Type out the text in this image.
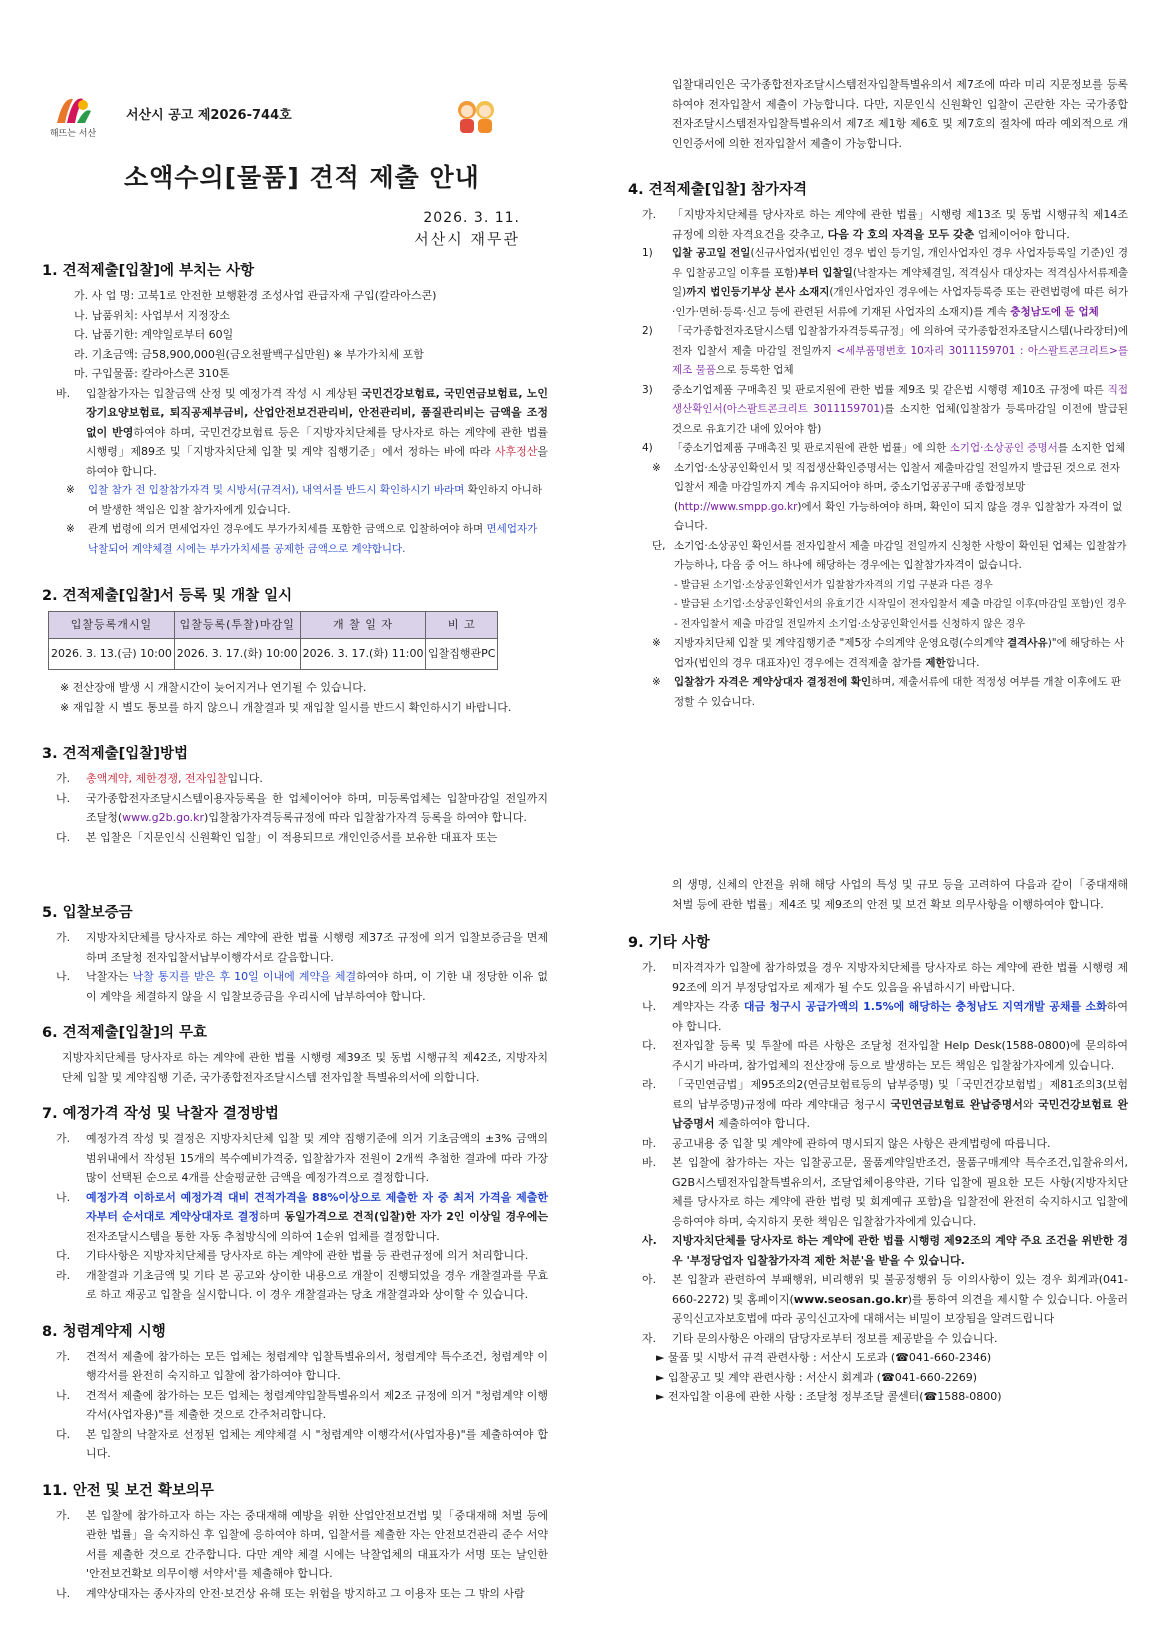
해뜨는 서산
서산시 공고 제2026-744호
소액수의[물품] 견적 제출 안내
2026. 3. 11.
서산시 재무관
1. 견적제출[입찰]에 부치는 사항
가. 사 업 명: 고북1로 안전한 보행환경 조성사업 관급자재 구입(칼라아스콘)
나. 납품위치: 사업부서 지정장소
다. 납품기한: 계약일로부터 60일
라. 기초금액: 금58,900,000원(금오천팔백구십만원) ※ 부가가치세 포함
마. 구입물품: 칼라아스콘 310톤
바. 입찰참가자는 입찰금액 산정 및 예정가격 작성 시 계상된 국민건강보험료, 국민연금보험료, 노인장기요양보험료, 퇴직공제부금비, 산업안전보건관리비, 안전관리비, 품질관리비는 금액을 조정 없이 반영하여야 하며, 국민건강보험료 등은「지방자치단체를 당사자로 하는 계약에 관한 법률 시행령」제89조 및「지방자치단체 입찰 및 계약 집행기준」에서 정하는 바에 따라 사후정산을 하여야 합니다.
※ 입찰 참가 전 입찰참가자격 및 시방서(규격서), 내역서를 반드시 확인하시기 바라며 확인하지 아니하여 발생한 책임은 입찰 참가자에게 있습니다.
※ 관계 법령에 의거 면세업자인 경우에도 부가가치세를 포함한 금액으로 입찰하여야 하며 면세업자가 낙찰되어 계약체결 시에는 부가가치세를 공제한 금액으로 계약합니다.
2. 견적제출[입찰]서 등록 및 개찰 일시
입찰등록개시일	입찰등록(투찰)마감일	개 찰 일 자	비 고
2026. 3. 13.(금) 10:00	2026. 3. 17.(화) 10:00	2026. 3. 17.(화) 11:00	입찰집행관PC
※ 전산장애 발생 시 개찰시간이 늦어지거나 연기될 수 있습니다.
※ 재입찰 시 별도 통보를 하지 않으니 개찰결과 및 재입찰 일시를 반드시 확인하시기 바랍니다.
3. 견적제출[입찰]방법
가. 총액계약, 제한경쟁, 전자입찰입니다.
나. 국가종합전자조달시스템이용자등록을 한 업체이어야 하며, 미등록업체는 입찰마감일 전일까지 조달청(www.g2b.go.kr)입찰참가자격등록규정에 따라 입찰참가자격 등록을 하여야 합니다.
다. 본 입찰은「지문인식 신원확인 입찰」이 적용되므로 개인인증서를 보유한 대표자 또는
입찰대리인은 국가종합전자조달시스템전자입찰특별유의서 제7조에 따라 미리 지문정보를 등록하여야 전자입찰서 제출이 가능합니다. 다만, 지문인식 신원확인 입찰이 곤란한 자는 국가종합전자조달시스템전자입찰특별유의서 제7조 제1항 제6호 및 제7호의 절차에 따라 예외적으로 개인인증서에 의한 전자입찰서 제출이 가능합니다.
4. 견적제출[입찰] 참가자격
가. 「지방자치단체를 당사자로 하는 계약에 관한 법률」시행령 제13조 및 동법 시행규칙 제14조 규정에 의한 자격요건을 갖추고, 다음 각 호의 자격을 모두 갖춘 업체이어야 합니다.
1) 입찰 공고일 전일(신규사업자(법인인 경우 법인 등기일, 개인사업자인 경우 사업자등록일 기준)인 경우 입찰공고일 이후를 포함)부터 입찰일(낙찰자는 계약체결일, 적격심사 대상자는 적격심사서류제출일)까지 법인등기부상 본사 소재지(개인사업자인 경우에는 사업자등록증 또는 관련법령에 따른 허가·인가·면허·등록·신고 등에 관련된 서류에 기재된 사업자의 소재지)를 계속 충청남도에 둔 업체
2) 「국가종합전자조달시스템 입찰참가자격등록규정」에 의하여 국가종합전자조달시스템(나라장터)에 전자 입찰서 제출 마감일 전일까지 <세부품명번호 10자리 3011159701 : 아스팔트콘크리트>를 제조 물품으로 등록한 업체
3) 중소기업제품 구매촉진 및 판로지원에 관한 법률 제9조 및 같은법 시행령 제10조 규정에 따른 직접생산확인서(아스팔트콘크리트 3011159701)를 소지한 업체(입찰참가 등록마감일 이전에 발급된 것으로 유효기간 내에 있어야 함)
4) 「중소기업제품 구매촉진 및 판로지원에 관한 법률」에 의한 소기업·소상공인 증명서를 소지한 업체
※ 소기업·소상공인확인서 및 직접생산확인증명서는 입찰서 제출마감일 전일까지 발급된 것으로 전자입찰서 제출 마감일까지 계속 유지되어야 하며, 중소기업공공구매 종합정보망(http://www.smpp.go.kr)에서 확인 가능하여야 하며, 확인이 되지 않을 경우 입찰참가 자격이 없습니다.
단, 소기업·소상공인 확인서를 전자입찰서 제출 마감일 전일까지 신청한 사항이 확인된 업체는 입찰참가 가능하나, 다음 중 어느 하나에 해당하는 경우에는 입찰참가자격이 없습니다.
- 발급된 소기업·소상공인확인서가 입찰참가자격의 기업 구분과 다른 경우
- 발급된 소기업·소상공인확인서의 유효기간 시작일이 전자입찰서 제출 마감일 이후(마감일 포함)인 경우
- 전자입찰서 제출 마감일 전일까지 소기업·소상공인확인서를 신청하지 않은 경우
※ 지방자치단체 입찰 및 계약집행기준 "제5장 수의계약 운영요령(수의계약 결격사유)"에 해당하는 사업자(법인의 경우 대표자)인 경우에는 견적제출 참가를 제한합니다.
※ 입찰참가 자격은 계약상대자 결정전에 확인하며, 제출서류에 대한 적정성 여부를 개찰 이후에도 판정할 수 있습니다.
5. 입찰보증금
가. 지방자치단체를 당사자로 하는 계약에 관한 법률 시행령 제37조 규정에 의거 입찰보증금을 면제하며 조달청 전자입찰서납부이행각서로 갈음합니다.
나. 낙찰자는 낙찰 통지를 받은 후 10일 이내에 계약을 체결하여야 하며, 이 기한 내 정당한 이유 없이 계약을 체결하지 않을 시 입찰보증금을 우리시에 납부하여야 합니다.
6. 견적제출[입찰]의 무효
지방자치단체를 당사자로 하는 계약에 관한 법률 시행령 제39조 및 동법 시행규칙 제42조, 지방자치단체 입찰 및 계약집행 기준, 국가종합전자조달시스템 전자입찰 특별유의서에 의합니다.
7. 예정가격 작성 및 낙찰자 결정방법
가. 예정가격 작성 및 결정은 지방자치단체 입찰 및 계약 집행기준에 의거 기초금액의 ±3% 금액의 범위내에서 작성된 15개의 복수예비가격중, 입찰참가자 전원이 2개씩 추첨한 결과에 따라 가장 많이 선택된 순으로 4개를 산술평균한 금액을 예정가격으로 결정합니다.
나. 예정가격 이하로서 예정가격 대비 견적가격을 88%이상으로 제출한 자 중 최저 가격을 제출한 자부터 순서대로 계약상대자로 결정하며 동일가격으로 견적(입찰)한 자가 2인 이상일 경우에는 전자조달시스템을 통한 자동 추첨방식에 의하여 1순위 업체를 결정합니다.
다. 기타사항은 지방자치단체를 당사자로 하는 계약에 관한 법률 등 관련규정에 의거 처리합니다.
라. 개찰결과 기초금액 및 기타 본 공고와 상이한 내용으로 개찰이 진행되었을 경우 개찰결과를 무효로 하고 재공고 입찰을 실시합니다. 이 경우 개찰결과는 당초 개찰결과와 상이할 수 있습니다.
8. 청렴계약제 시행
가. 견적서 제출에 참가하는 모든 업체는 청렴계약 입찰특별유의서, 청렴계약 특수조건, 청렴계약 이행각서를 완전히 숙지하고 입찰에 참가하여야 합니다.
나. 견적서 제출에 참가하는 모든 업체는 청렴계약입찰특별유의서 제2조 규정에 의거 "청렴계약 이행각서(사업자용)"를 제출한 것으로 간주처리합니다.
다. 본 입찰의 낙찰자로 선정된 업체는 계약체결 시 "청렴계약 이행각서(사업자용)"를 제출하여야 합니다.
11. 안전 및 보건 확보의무
가. 본 입찰에 참가하고자 하는 자는 중대재해 예방을 위한 산업안전보건법 및「중대재해 처벌 등에 관한 법률」을 숙지하신 후 입찰에 응하여야 하며, 입찰서를 제출한 자는 안전보건관리 준수 서약서를 제출한 것으로 간주합니다. 다만 계약 체결 시에는 낙찰업체의 대표자가 서명 또는 날인한 '안전보건확보 의무이행 서약서'를 제출해야 합니다.
나. 계약상대자는 종사자의 안전·보건상 유해 또는 위험을 방지하고 그 이용자 또는 그 밖의 사람
의 생명, 신체의 안전을 위해 해당 사업의 특성 및 규모 등을 고려하여 다음과 같이「중대재해 처벌 등에 관한 법률」제4조 및 제9조의 안전 및 보건 확보 의무사항을 이행하여야 합니다.
9. 기타 사항
가. 미자격자가 입찰에 참가하였을 경우 지방자치단체를 당사자로 하는 계약에 관한 법률 시행령 제92조에 의거 부정당업자로 제재가 될 수도 있음을 유념하시기 바랍니다.
나. 계약자는 각종 대금 청구시 공급가액의 1.5%에 해당하는 충청남도 지역개발 공채를 소화하여야 합니다.
다. 전자입찰 등록 및 투찰에 따른 사항은 조달청 전자입찰 Help Desk(1588-0800)에 문의하여 주시기 바라며, 참가업체의 전산장애 등으로 발생하는 모든 책임은 입찰참가자에게 있습니다.
라. 「국민연금법」제95조의2(연금보험료등의 납부증명) 및「국민건강보험법」제81조의3(보험료의 납부증명)규정에 따라 계약대금 청구시 국민연금보험료 완납증명서와 국민건강보험료 완납증명서 제출하여야 합니다.
마. 공고내용 중 입찰 및 계약에 관하여 명시되지 않은 사항은 관계법령에 따릅니다.
바. 본 입찰에 참가하는 자는 입찰공고문, 물품계약일반조건, 물품구매계약 특수조건,입찰유의서, G2B시스템전자입찰특별유의서, 조달업체이용약관, 기타 입찰에 필요한 모든 사항(지방자치단체를 당사자로 하는 계약에 관한 법령 및 회계예규 포함)을 입찰전에 완전히 숙지하시고 입찰에 응하여야 하며, 숙지하지 못한 책임은 입찰참가자에게 있습니다.
사. 지방자치단체를 당사자로 하는 계약에 관한 법률 시행령 제92조의 계약 주요 조건을 위반한 경우 '부정당업자 입찰참가자격 제한 처분'을 받을 수 있습니다.
아. 본 입찰과 관련하여 부패행위, 비리행위 및 불공정행위 등 이의사항이 있는 경우 회계과(041-660-2272) 및 홈페이지(www.seosan.go.kr)를 통하여 의견을 제시할 수 있습니다. 아울러 공익신고자보호법에 따라 공익신고자에 대해서는 비밀이 보장됨을 알려드립니다
자. 기타 문의사항은 아래의 담당자로부터 정보를 제공받을 수 있습니다.
► 물품 및 시방서 규격 관련사항 : 서산시 도로과 (☎041-660-2346)
► 입찰공고 및 계약 관련사항 : 서산시 회계과 (☎041-660-2269)
► 전자입찰 이용에 관한 사항 : 조달청 정부조달 콜센터(☎1588-0800)
